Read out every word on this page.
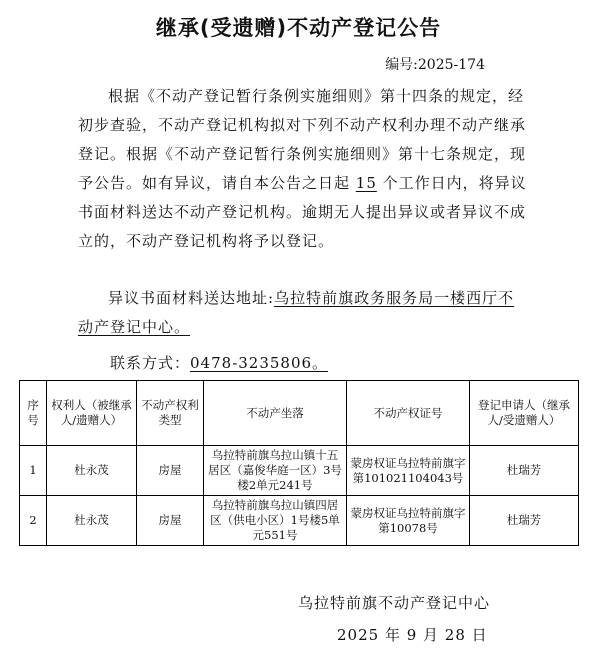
继承(受遗赠)不动产登记公告
编号:2025-174
根据《不动产登记暂行条例实施细则》第十四条的规定，经初步查验，不动产登记机构拟对下列不动产权利办理不动产继承登记。根据《不动产登记暂行条例实施细则》第十七条规定，现予公告。如有异议，请自本公告之日起 15 个工作日内，将异议书面材料送达不动产登记机构。逾期无人提出异议或者异议不成立的，不动产登记机构将予以登记。
异议书面材料送达地址:乌拉特前旗政务服务局一楼西厅不动产登记中心。
联系方式：0478-3235806。
序号	权利人（被继承人/遗赠人）	不动产权利类型	不动产坐落	不动产权证号	登记申请人（继承人/受遗赠人）
1	杜永茂	房屋	乌拉特前旗乌拉山镇十五居区（嘉俊华庭一区）3号楼2单元241号	蒙房权证乌拉特前旗字第101021104043号	杜瑞芳
2	杜永茂	房屋	乌拉特前旗乌拉山镇四居区（供电小区）1号楼5单元551号	蒙房权证乌拉特前旗字第10078号	杜瑞芳
乌拉特前旗不动产登记中心
2025 年 9 月 28 日
